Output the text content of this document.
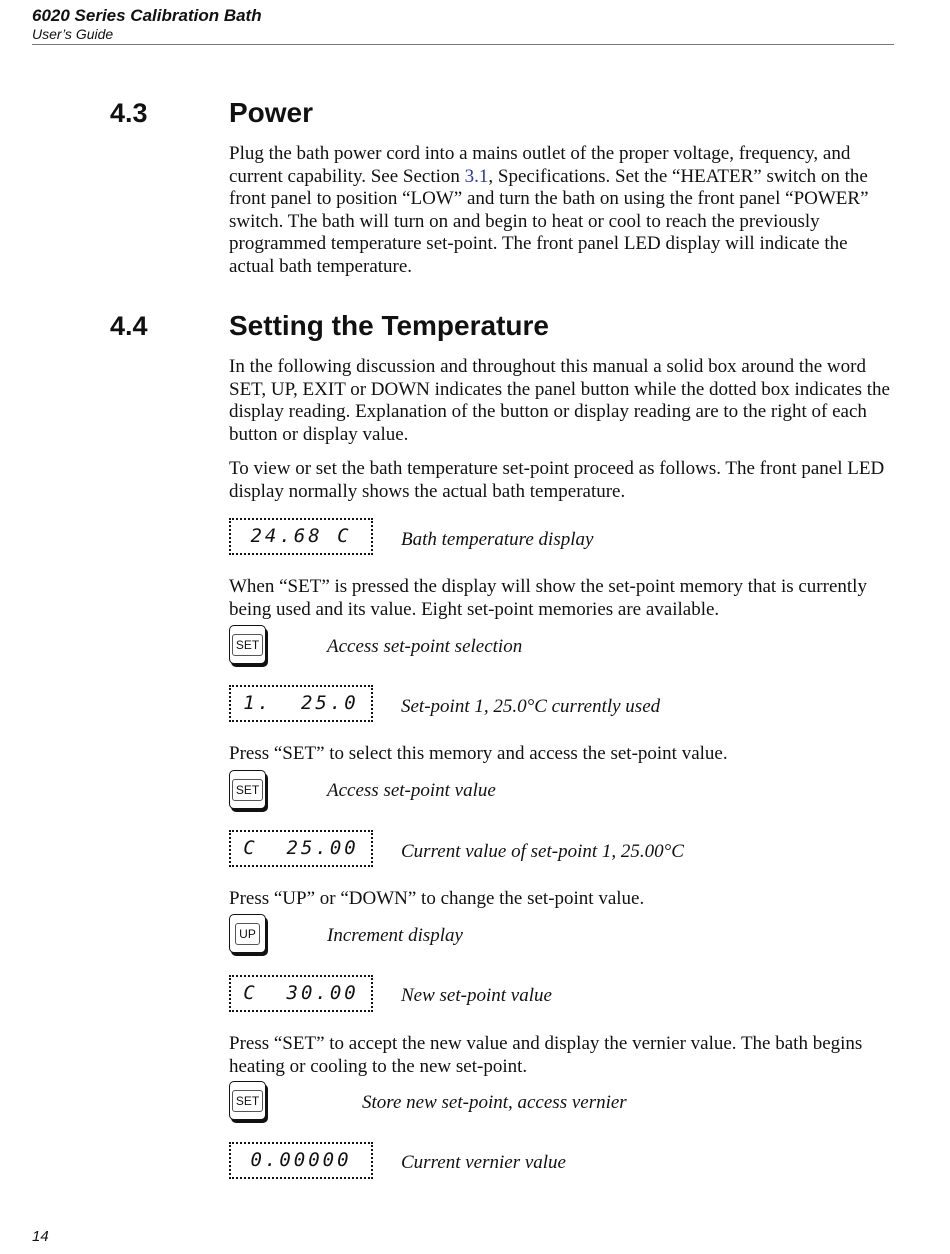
6020 Series Calibration Bath
User’s Guide
4.3	Power

Plug the bath power cord into a mains outlet of the proper voltage, frequency, and current capability. See Section 3.1, Specifications. Set the “HEATER” switch on the front panel to position “LOW” and turn the bath on using the front panel “POWER” switch. The bath will turn on and begin to heat or cool to reach the previously programmed temperature set-point. The front panel LED display will indicate the actual bath temperature.

4.4	Setting the Temperature

In the following discussion and throughout this manual a solid box around the word SET, UP, EXIT or DOWN indicates the panel button while the dotted box indicates the display reading. Explanation of the button or display reading are to the right of each button or display value.

To view or set the bath temperature set-point proceed as follows. The front panel LED display normally shows the actual bath temperature.

24.68 C	Bath temperature display

When “SET” is pressed the display will show the set-point memory that is currently being used and its value. Eight set-point memories are available.

SET	Access set-point selection
1.  25.0	Set-point 1, 25.0°C currently used

Press “SET” to select this memory and access the set-point value.

SET	Access set-point value
C  25.00	Current value of set-point 1, 25.00°C

Press “UP” or “DOWN” to change the set-point value.

UP	Increment display
C  30.00	New set-point value

Press “SET” to accept the new value and display the vernier value. The bath begins heating or cooling to the new set-point.

SET	Store new set-point, access vernier
0.00000	Current vernier value
14
